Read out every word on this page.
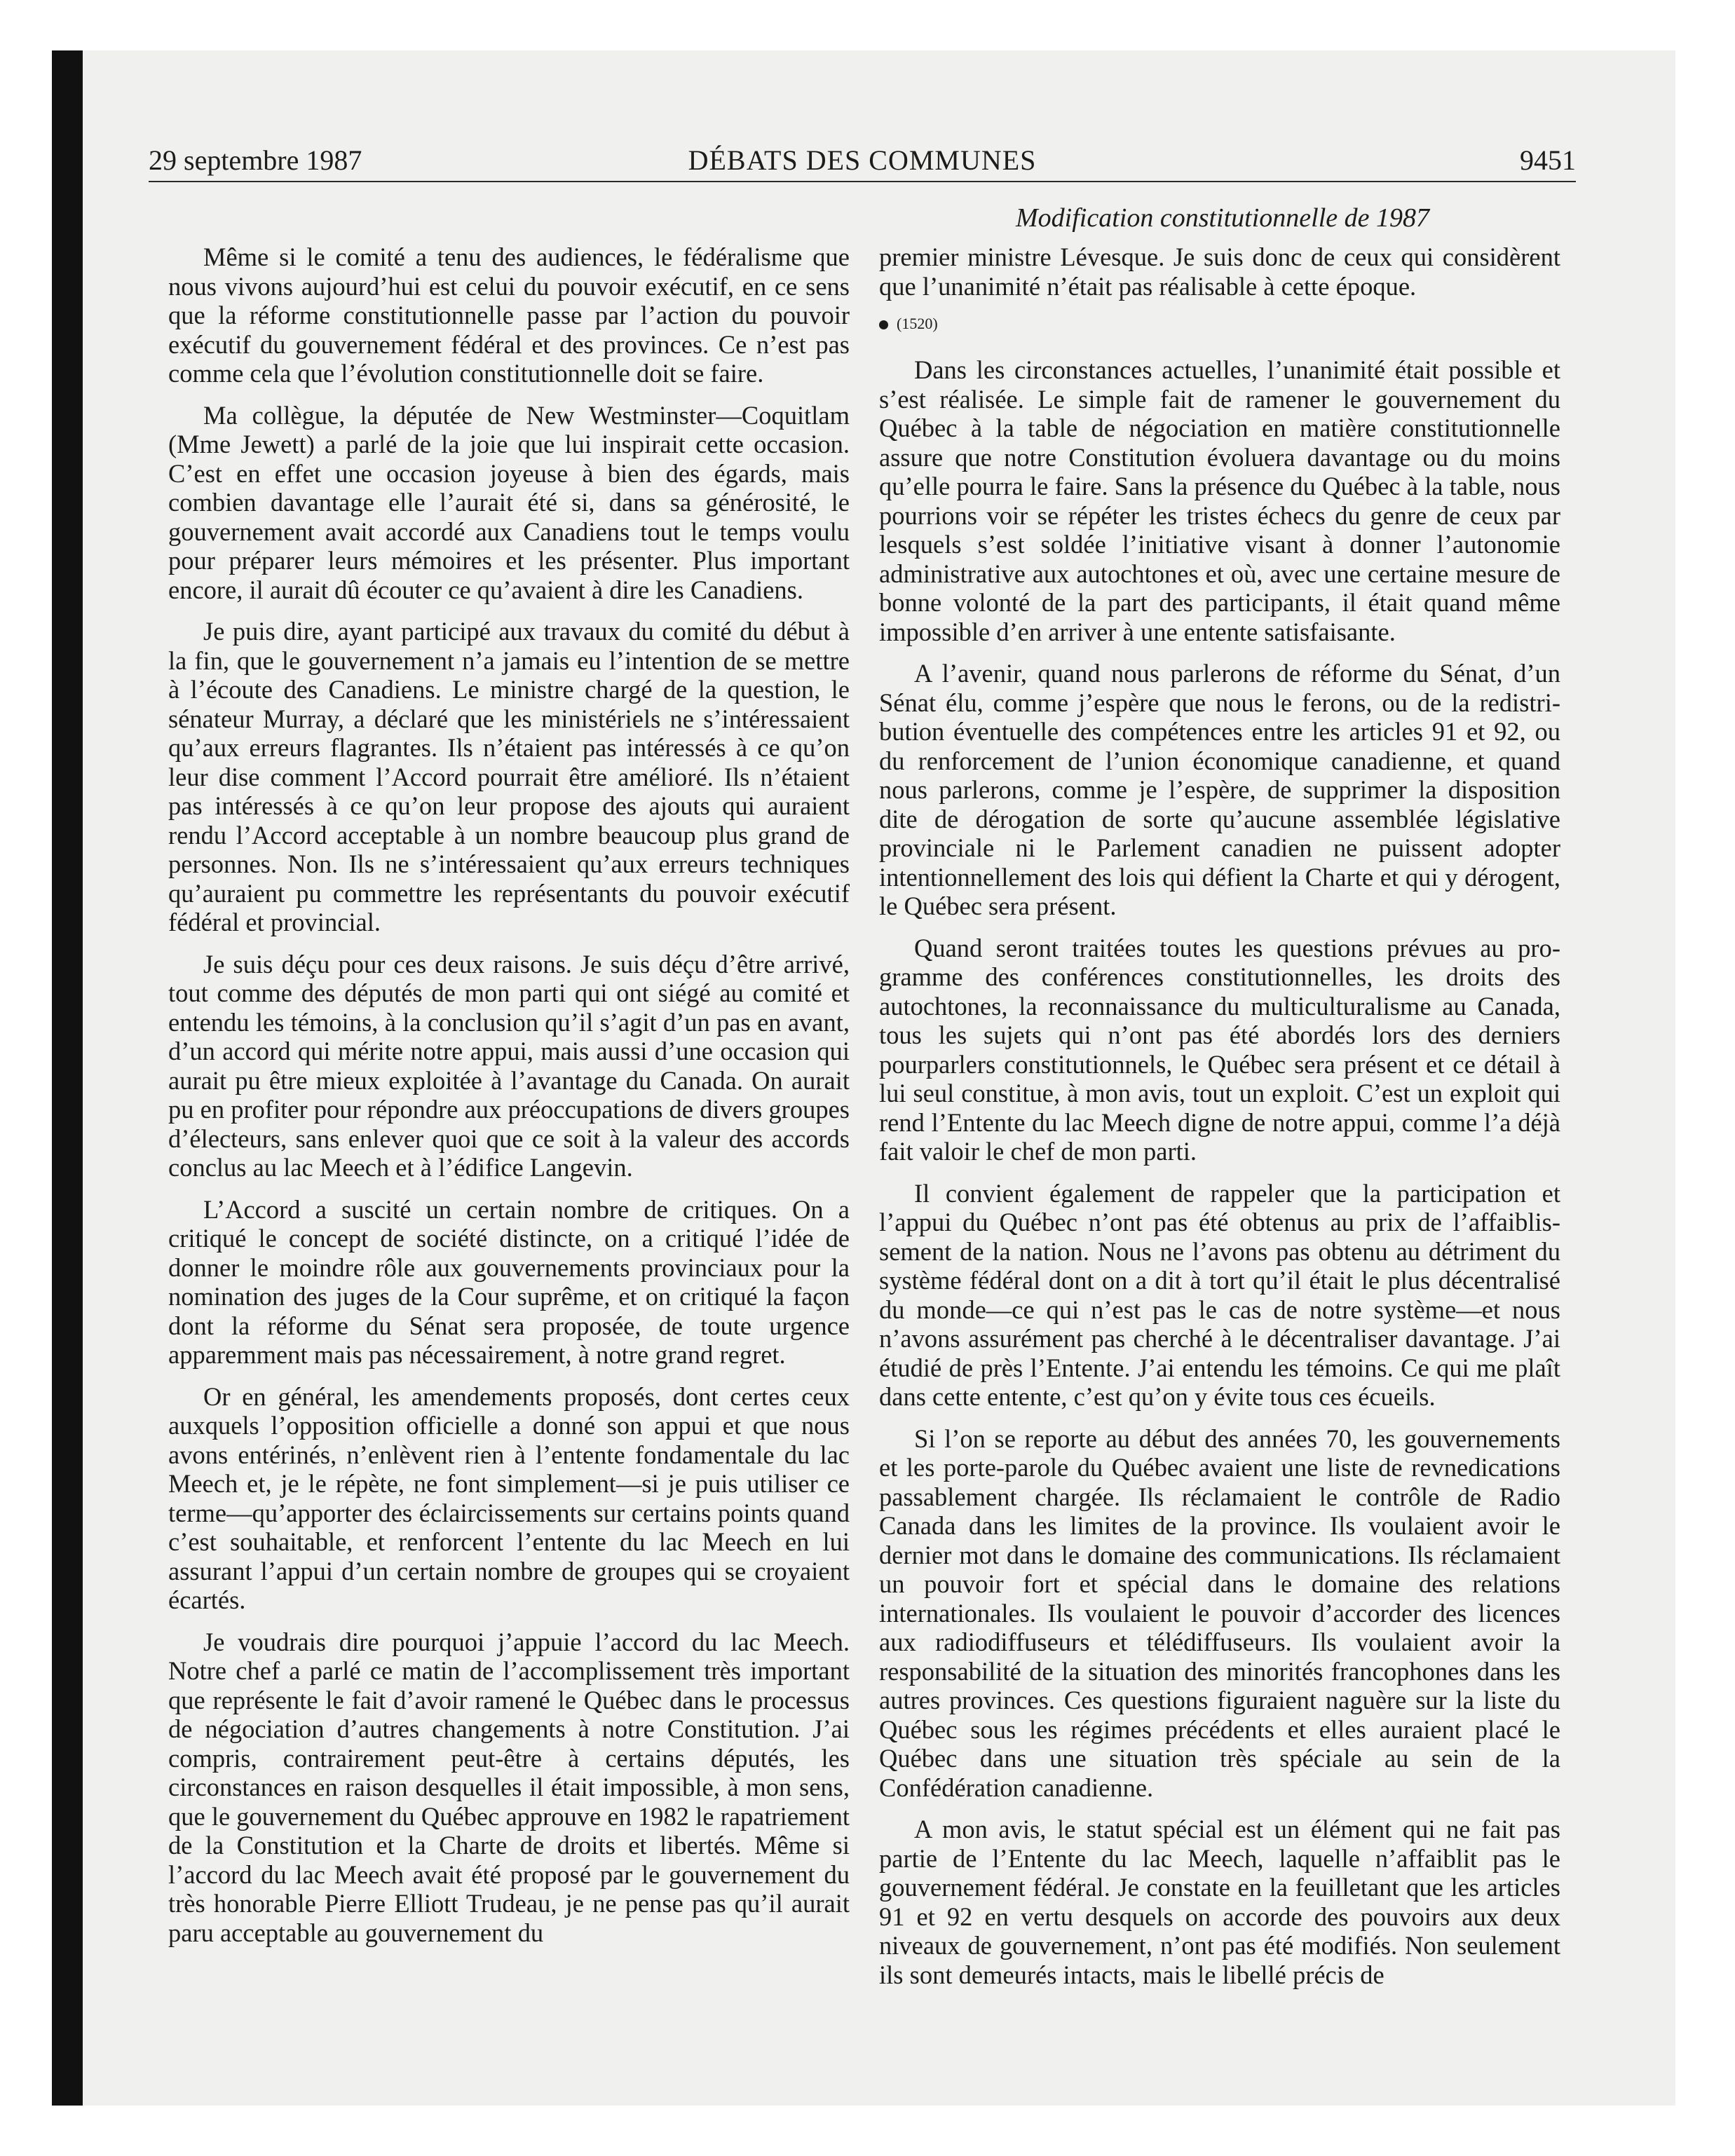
29 septembre 1987	DÉBATS DES COMMUNES	9451
Modification constitutionnelle de 1987

Même si le comité a tenu des audiences, le fédéralisme que nous vivons aujourd’hui est celui du pouvoir exécutif, en ce sens que la réforme constitutionnelle passe par l’action du pouvoir exécutif du gouvernement fédéral et des provinces. Ce n’est pas comme cela que l’évolution constitutionnelle doit se faire.

Ma collègue, la députée de New Westminster—Coquitlam (Mme Jewett) a parlé de la joie que lui inspirait cette occasion. C’est en effet une occasion joyeuse à bien des égards, mais combien davantage elle l’aurait été si, dans sa générosité, le gouvernement avait accordé aux Canadiens tout le temps voulu pour préparer leurs mémoires et les présenter. Plus important encore, il aurait dû écouter ce qu’avaient à dire les Canadiens.

Je puis dire, ayant participé aux travaux du comité du début à la fin, que le gouvernement n’a jamais eu l’intention de se mettre à l’écoute des Canadiens. Le ministre chargé de la question, le sénateur Murray, a déclaré que les ministériels ne s’intéressaient qu’aux erreurs flagrantes. Ils n’étaient pas intéressés à ce qu’on leur dise comment l’Accord pourrait être amélioré. Ils n’étaient pas intéressés à ce qu’on leur propose des ajouts qui auraient rendu l’Accord acceptable à un nombre beaucoup plus grand de personnes. Non. Ils ne s’intéressaient qu’aux erreurs techniques qu’auraient pu commettre les représentants du pouvoir exécutif fédéral et provincial.

Je suis déçu pour ces deux raisons. Je suis déçu d’être arrivé, tout comme des députés de mon parti qui ont siégé au comité et entendu les témoins, à la conclusion qu’il s’agit d’un pas en avant, d’un accord qui mérite notre appui, mais aussi d’une occasion qui aurait pu être mieux exploitée à l’avantage du Canada. On aurait pu en profiter pour répondre aux préoccupations de divers groupes d’électeurs, sans enlever quoi que ce soit à la valeur des accords conclus au lac Meech et à l’édifice Langevin.

L’Accord a suscité un certain nombre de critiques. On a critiqué le concept de société distincte, on a critiqué l’idée de donner le moindre rôle aux gouvernements provinciaux pour la nomination des juges de la Cour suprême, et on critiqué la façon dont la réforme du Sénat sera proposée, de toute urgence apparemment mais pas nécessairement, à notre grand regret.

Or en général, les amendements proposés, dont certes ceux auxquels l’opposition officielle a donné son appui et que nous avons entérinés, n’enlèvent rien à l’entente fondamentale du lac Meech et, je le répète, ne font simplement—si je puis utiliser ce terme—qu’apporter des éclaircissements sur certains points quand c’est souhaitable, et renforcent l’entente du lac Meech en lui assurant l’appui d’un certain nombre de groupes qui se croyaient écartés.

Je voudrais dire pourquoi j’appuie l’accord du lac Meech. Notre chef a parlé ce matin de l’accomplissement très important que représente le fait d’avoir ramené le Québec dans le processus de négociation d’autres changements à notre Constitution. J’ai compris, contrairement peut-être à certains députés, les circonstances en raison desquelles il était impossible, à mon sens, que le gouvernement du Québec approuve en 1982 le rapatriement de la Constitution et la Charte de droits et libertés. Même si l’accord du lac Meech avait été proposé par le gouvernement du très honorable Pierre Elliott Trudeau, je ne pense pas qu’il aurait paru acceptable au gouvernement du

premier ministre Lévesque. Je suis donc de ceux qui considèrent que l’unanimité n’était pas réalisable à cette époque.

(1520)

Dans les circonstances actuelles, l’unanimité était possible et s’est réalisée. Le simple fait de ramener le gouvernement du Québec à la table de négociation en matière constitutionnelle assure que notre Constitution évoluera davantage ou du moins qu’elle pourra le faire. Sans la présence du Québec à la table, nous pourrions voir se répéter les tristes échecs du genre de ceux par lesquels s’est soldée l’initiative visant à donner l’autonomie administrative aux autochtones et où, avec une certaine mesure de bonne volonté de la part des participants, il était quand même impossible d’en arriver à une entente satisfaisante.

A l’avenir, quand nous parlerons de réforme du Sénat, d’un Sénat élu, comme j’espère que nous le ferons, ou de la redistribution éventuelle des compétences entre les articles 91 et 92, ou du renforcement de l’union économique canadienne, et quand nous parlerons, comme je l’espère, de supprimer la disposition dite de dérogation de sorte qu’aucune assemblée législative provinciale ni le Parlement canadien ne puissent adopter intentionnellement des lois qui défient la Charte et qui y dérogent, le Québec sera présent.

Quand seront traitées toutes les questions prévues au programme des conférences constitutionnelles, les droits des autochtones, la reconnaissance du multiculturalisme au Canada, tous les sujets qui n’ont pas été abordés lors des derniers pourparlers constitutionnels, le Québec sera présent et ce détail à lui seul constitue, à mon avis, tout un exploit. C’est un exploit qui rend l’Entente du lac Meech digne de notre appui, comme l’a déjà fait valoir le chef de mon parti.

Il convient également de rappeler que la participation et l’appui du Québec n’ont pas été obtenus au prix de l’affaiblissement de la nation. Nous ne l’avons pas obtenu au détriment du système fédéral dont on a dit à tort qu’il était le plus décentralisé du monde—ce qui n’est pas le cas de notre système—et nous n’avons assurément pas cherché à le décentraliser davantage. J’ai étudié de près l’Entente. J’ai entendu les témoins. Ce qui me plaît dans cette entente, c’est qu’on y évite tous ces écueils.

Si l’on se reporte au début des années 70, les gouvernements et les porte-parole du Québec avaient une liste de revnedications passablement chargée. Ils réclamaient le contrôle de Radio Canada dans les limites de la province. Ils voulaient avoir le dernier mot dans le domaine des communications. Ils réclamaient un pouvoir fort et spécial dans le domaine des relations internationales. Ils voulaient le pouvoir d’accorder des licences aux radiodiffuseurs et télédiffuseurs. Ils voulaient avoir la responsabilité de la situation des minorités francophones dans les autres provinces. Ces questions figuraient naguère sur la liste du Québec sous les régimes précédents et elles auraient placé le Québec dans une situation très spéciale au sein de la Confédération canadienne.

A mon avis, le statut spécial est un élément qui ne fait pas partie de l’Entente du lac Meech, laquelle n’affaiblit pas le gouvernement fédéral. Je constate en la feuilletant que les articles 91 et 92 en vertu desquels on accorde des pouvoirs aux deux niveaux de gouvernement, n’ont pas été modifiés. Non seulement ils sont demeurés intacts, mais le libellé précis de
